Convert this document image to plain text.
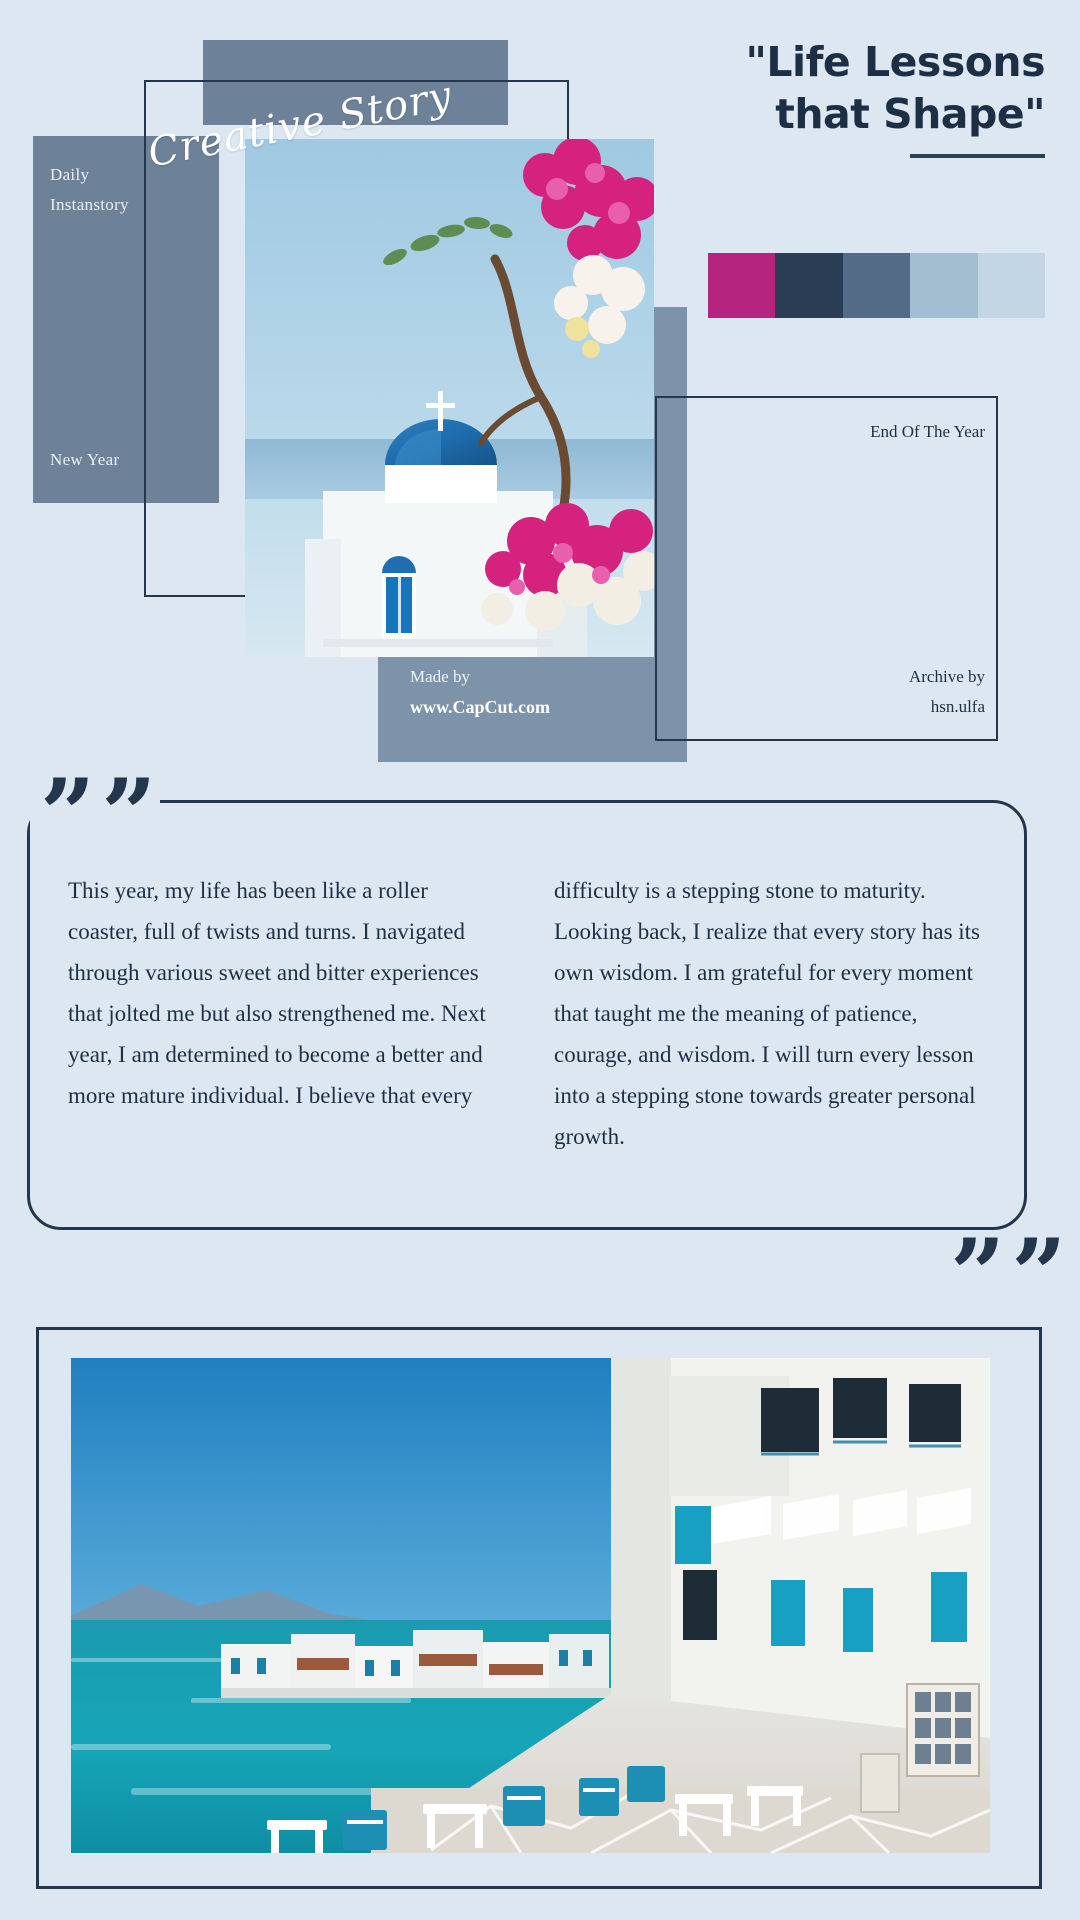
Daily Instanstory
New Year
Made by
www.CapCut.com
Creative Story
"Life Lessons that Shape"
End Of The Year
Archive by
hsn.ulfa
””
””

This year, my life has been like a roller coaster, full of twists and turns. I navigated through various sweet and bitter experiences that jolted me but also strengthened me. Next year, I am determined to become a better and more mature individual. I believe that every

difficulty is a stepping stone to maturity. Looking back, I realize that every story has its own wisdom. I am grateful for every moment that taught me the meaning of patience, courage, and wisdom. I will turn every lesson into a stepping stone towards greater personal growth.
